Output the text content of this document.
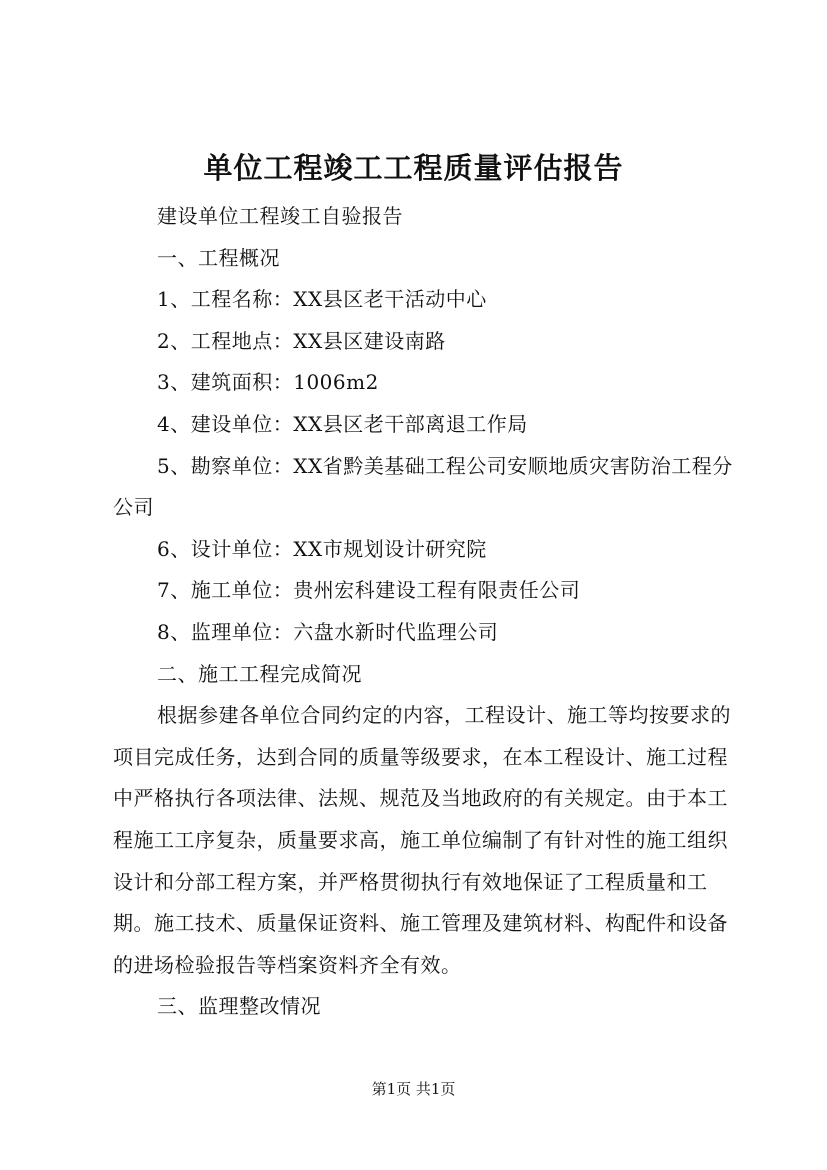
单位工程竣工工程质量评估报告

建设单位工程竣工自验报告

一、工程概况

1、工程名称：XX县区老干活动中心

2、工程地点：XX县区建设南路

3、建筑面积：1006m2

4、建设单位：XX县区老干部离退工作局

5、勘察单位：XX省黔美基础工程公司安顺地质灾害防治工程分公司

6、设计单位：XX市规划设计研究院

7、施工单位：贵州宏科建设工程有限责任公司

8、监理单位：六盘水新时代监理公司

二、施工工程完成简况

根据参建各单位合同约定的内容，工程设计、施工等均按要求的项目完成任务，达到合同的质量等级要求，在本工程设计、施工过程中严格执行各项法律、法规、规范及当地政府的有关规定。由于本工程施工工序复杂，质量要求高，施工单位编制了有针对性的施工组织设计和分部工程方案，并严格贯彻执行有效地保证了工程质量和工期。施工技术、质量保证资料、施工管理及建筑材料、构配件和设备的进场检验报告等档案资料齐全有效。

三、监理整改情况

第1页 共1页
